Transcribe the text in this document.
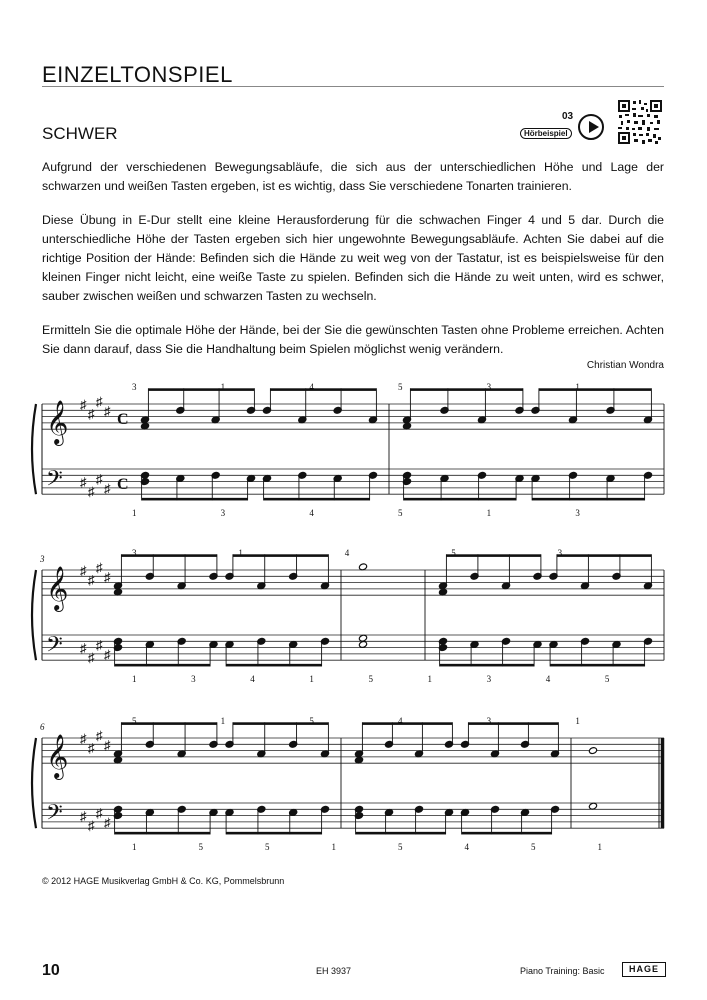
EINZELTONSPIEL
SCHWER
03
Hörbeispiel

Aufgrund der verschiedenen Bewegungsabläufe, die sich aus der unterschiedlichen Höhe und Lage der schwarzen und weißen Tasten ergeben, ist es wichtig, dass Sie verschiedene Tonarten trainieren.

Diese Übung in E-Dur stellt eine kleine Herausforderung für die schwachen Finger 4 und 5 dar. Durch die unterschiedliche Höhe der Tasten ergeben sich hier ungewohnte Bewegungsabläufe. Achten Sie dabei auf die richtige Position der Hände: Befinden sich die Hände zu weit weg von der Tastatur, ist es beispielsweise für den kleinen Finger nicht leicht, eine weiße Taste zu spielen. Befinden sich die Hände zu weit unten, wird es schwer, sauber zwischen weißen und schwarzen Tasten zu wechseln.

Ermitteln Sie die optimale Höhe der Hände, bei der Sie die gewünschten Tasten ohne Probleme erreichen. Achten Sie dann darauf, dass Sie die Handhaltung beim Spielen möglichst wenig verändern.

Christian Wondra
𝄞
𝄢
♯
♯
♯
♯
♯
♯
♯
♯
C
C
3	1	4	5	3	1
1	3	4	5	1	3
𝄞
𝄢
♯
♯
♯
♯
♯
♯
♯
♯
3
3	1	4	5	3
1	3	4	1	5	1	3	4	5
𝄞
𝄢
♯
♯
♯
♯
♯
♯
♯
♯
6
5	1	5	4	3	1
1	5	5	1	5	4	5	1
© 2012 HAGE Musikverlag GmbH & Co. KG, Pommelsbrunn
10	EH 3937	Piano Training: Basic	HAGE
